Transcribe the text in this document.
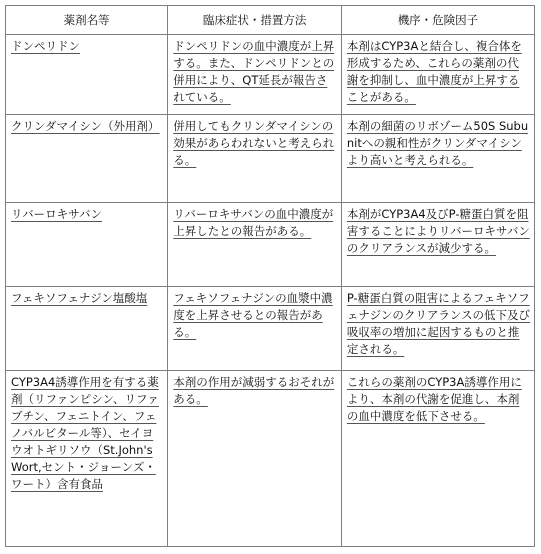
薬剤名等	臨床症状・措置方法	機序・危険因子
ドンペリドン	ドンペリドンの血中濃度が上昇する。また、ドンペリドンとの併用により、QT延長が報告されている。	本剤はCYP3Aと結合し、複合体を形成するため、これらの薬剤の代謝を抑制し、血中濃度が上昇することがある。
クリンダマイシン（外用剤）	併用してもクリンダマイシンの効果があらわれないと考えられる。	本剤の細菌のリボゾーム50S Subunitへの親和性がクリンダマイシンより高いと考えられる。
リバーロキサバン	リバーロキサバンの血中濃度が上昇したとの報告がある。	本剤がCYP3A4及びP-糖蛋白質を阻害することによりリバーロキサバンのクリアランスが減少する。
フェキソフェナジン塩酸塩	フェキソフェナジンの血漿中濃度を上昇させるとの報告がある。	P-糖蛋白質の阻害によるフェキソフェナジンのクリアランスの低下及び吸収率の増加に起因するものと推定される。
CYP3A4誘導作用を有する薬剤（リファンピシン、リファブチン、フェニトイン、フェノバルビタール等）、セイヨウオトギリソウ（St.John's Wort,セント・ジョーンズ・ワート）含有食品	本剤の作用が減弱するおそれがある。	これらの薬剤のCYP3A誘導作用により、本剤の代謝を促進し、本剤の血中濃度を低下させる。
